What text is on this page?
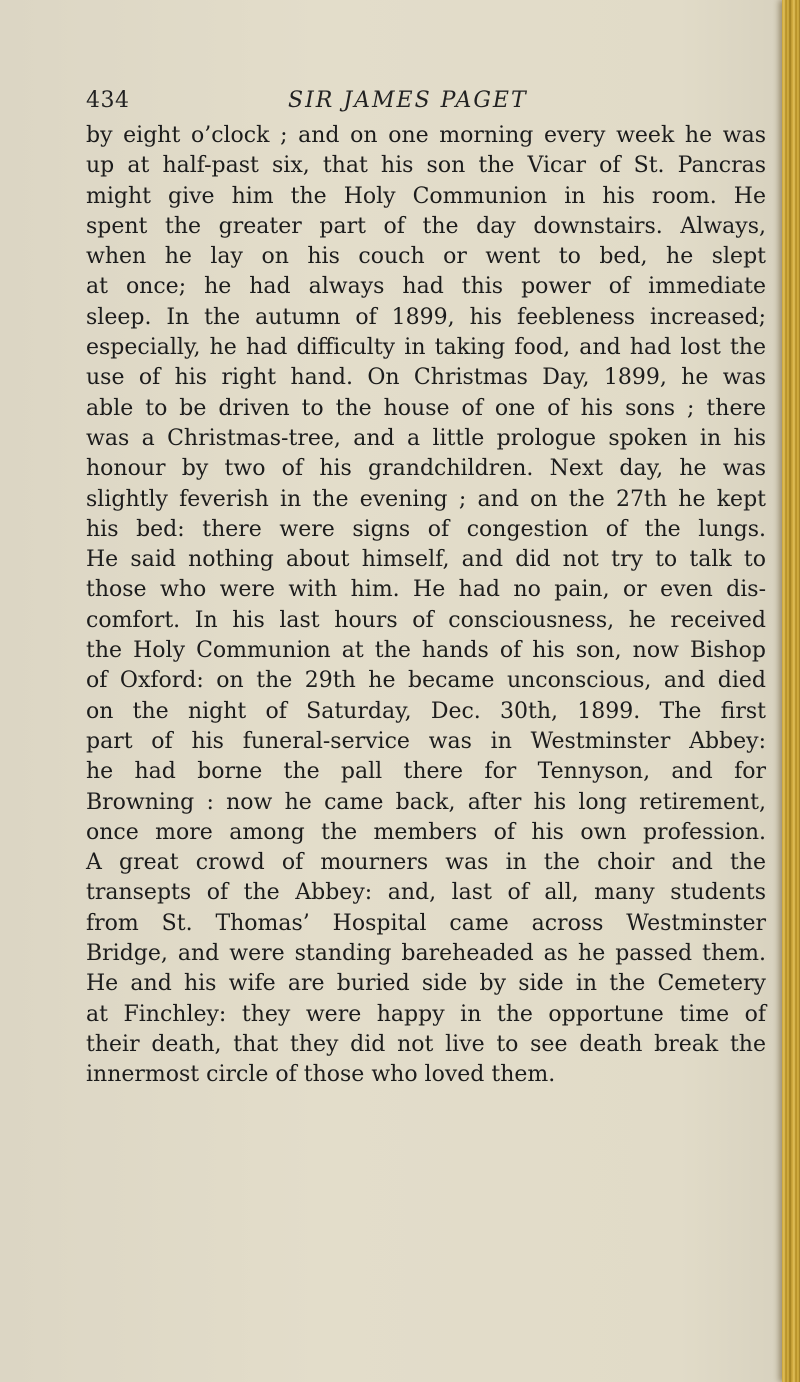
434	SIR JAMES PAGET
by eight o’clock ; and on one morning every week he was
up at half-past six, that his son the Vicar of St. Pancras
might give him the Holy Communion in his room. He
spent the greater part of the day downstairs. Always,
when he lay on his couch or went to bed, he slept
at once; he had always had this power of immediate
sleep. In the autumn of 1899, his feebleness increased;
especially, he had difficulty in taking food, and had lost the
use of his right hand. On Christmas Day, 1899, he was
able to be driven to the house of one of his sons ; there
was a Christmas-tree, and a little prologue spoken in his
honour by two of his grandchildren. Next day, he was
slightly feverish in the evening ; and on the 27th he kept
his bed: there were signs of congestion of the lungs.
He said nothing about himself, and did not try to talk to
those who were with him. He had no pain, or even dis-
comfort. In his last hours of consciousness, he received
the Holy Communion at the hands of his son, now Bishop
of Oxford: on the 29th he became unconscious, and died
on the night of Saturday, Dec. 30th, 1899. The first
part of his funeral-service was in Westminster Abbey:
he had borne the pall there for Tennyson, and for
Browning : now he came back, after his long retirement,
once more among the members of his own profession.
A great crowd of mourners was in the choir and the
transepts of the Abbey: and, last of all, many students
from St. Thomas’ Hospital came across Westminster
Bridge, and were standing bareheaded as he passed them.
He and his wife are buried side by side in the Cemetery
at Finchley: they were happy in the opportune time of
their death, that they did not live to see death break the
innermost circle of those who loved them.
